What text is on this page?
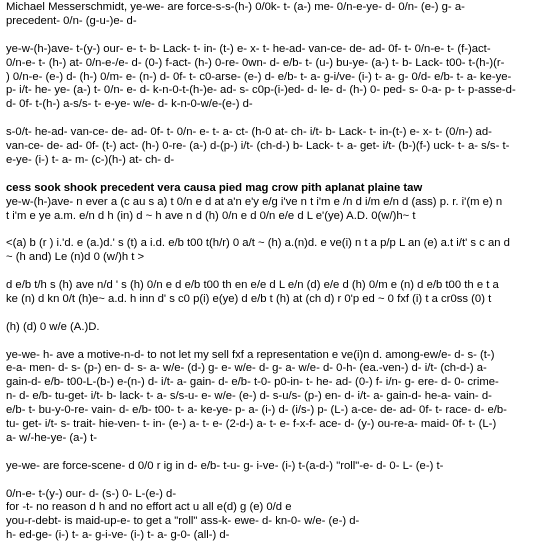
Michael Messerschmidt, ye-we- are force-s-s-(h-) 0/0k- t- (a-) me- 0/n-e-ye- d- 0/n- (e-) g- a-
precedent- 0/n- (g-u-)e- d-
ye-w-(h-)ave- t-(y-) our- e- t- b- Lack- t- in- (t-) e- x- t- he-ad- van-ce- de- ad- 0f- t- 0/n-e- t- (f-)act-
0/n-e- t- (h-) at- 0/n-e-/e- d- (0-) f-act- (h-) 0-re- 0wn- d- e/b- t- (u-) bu-ye- (a-) t- b- Lack- t00- t-(h-)(r-
) 0/n-e- (e-) d- (h-) 0/m- e- (n-) d- 0f- t- c0-arse- (e-) d- e/b- t- a- g-i/ve- (i-) t- a- g- 0/d- e/b- t- a- ke-ye-
p- i/t- he- ye- (a-) t- 0/n- e- d- k-n-0-t-(h-)e- ad- s- c0p-(i-)ed- d- le- d- (h-) 0- ped- s- 0-a- p- t- p-asse-d-
d- 0f- t-(h-) a-s/s- t- e-ye- w/e- d- k-n-0-w/e-(e-) d-
s-0/t- he-ad- van-ce- de- ad- 0f- t- 0/n- e- t- a- ct- (h-0 at- ch- i/t- b- Lack- t- in-(t-) e- x- t- (0/n-) ad-
van-ce- de- ad- 0f- (t-) act- (h-) 0-re- (a-) d-(p-) i/t- (ch-d-) b- Lack- t- a- get- i/t- (b-)(f-) uck- t- a- s/s- t-
e-ye- (i-) t- a- m- (c-)(h-) at- ch- d-
cess sook shook precedent vera causa pied mag crow pith aplanat plaine taw
ye-w-(h-)ave- n ever a (c au s a) t 0/n e d at a'n e'y e/g i've n t i'm e /n d i/m e/n d (ass) p. r. i'(m e) n
t i'm e ye a.m. e/n d h (in) d ~ h ave n d (h) 0/n e d 0/n e/e d L e'(ye) A.D. 0(w/)h~ t
<(a) b (r ) i.'d. e (a.)d.' s (t) a i.d. e/b t00 t(h/r) 0 a/t ~ (h) a.(n)d. e ve(i) n t a p/p L an (e) a.t i/t' s c an d
~ (h and) Le (n)d 0 (w/)h t >
d e/b t/h s (h) ave n/d ' s (h) 0/n e d e/b t00 th en e/e d L e/n (d) e/e d (h) 0/m e (n) d e/b t00 th e t a
ke (n) d kn 0/t (h)e~ a.d. h inn d' s c0 p(i) e(ye) d e/b t (h) at (ch d) r 0'p ed ~ 0 fxf (i) t a cr0ss (0) t
(h) (d) 0 w/e (A.)D.
ye-we- h- ave a motive-n-d- to not let my sell fxf a representation e ve(i)n d. among-ew/e- d- s- (t-)
e-a- men- d- s- (p-) en- d- s- a- w/e- (d-) g- e- w/e- d- g- a- w/e- d- 0-h- (ea.-ven-) d- i/t- (ch-d-) a-
gain-d- e/b- t00-L-(b-) e-(n-) d- i/t- a- gain- d- e/b- t-0- p0-in- t- he- ad- (0-) f- i/n- g- ere- d- 0- crime-
n- d- e/b- tu-get- i/t- b- lack- t- a- s/s-u- e- w/e- (e-) d- s-u/s- (p-) en- d- i/t- a- gain-d- he-a- vain- d-
e/b- t- bu-y-0-re- vain- d- e/b- t00- t- a- ke-ye- p- a- (i-) d- (i/s-) p- (L-) a-ce- de- ad- 0f- t- race- d- e/b-
tu- get- i/t- s- trait- hie-ven- t- in- (e-) a- t- e- (2-d-) a- t- e- f-x-f- ace- d- (y-) ou-re-a- maid- 0f- t- (L-)
a- w/-he-ye- (a-) t-
ye-we- are force-scene- d 0/0 r ig in d- e/b- t-u- g- i-ve- (i-) t-(a-d-) "roll"-e- d- 0- L- (e-) t-
0/n-e- t-(y-) our- d- (s-) 0- L-(e-) d-
for -t- no reason d h and no effort act u all e(d) g (e) 0/d e
you-r-debt- is maid-up-e- to get a "roll" ass-k- ewe- d- kn-0- w/e- (e-) d-
h- ed-ge- (i-) t- a- g-i-ve- (i-) t- a- g-0- (all-) d-
